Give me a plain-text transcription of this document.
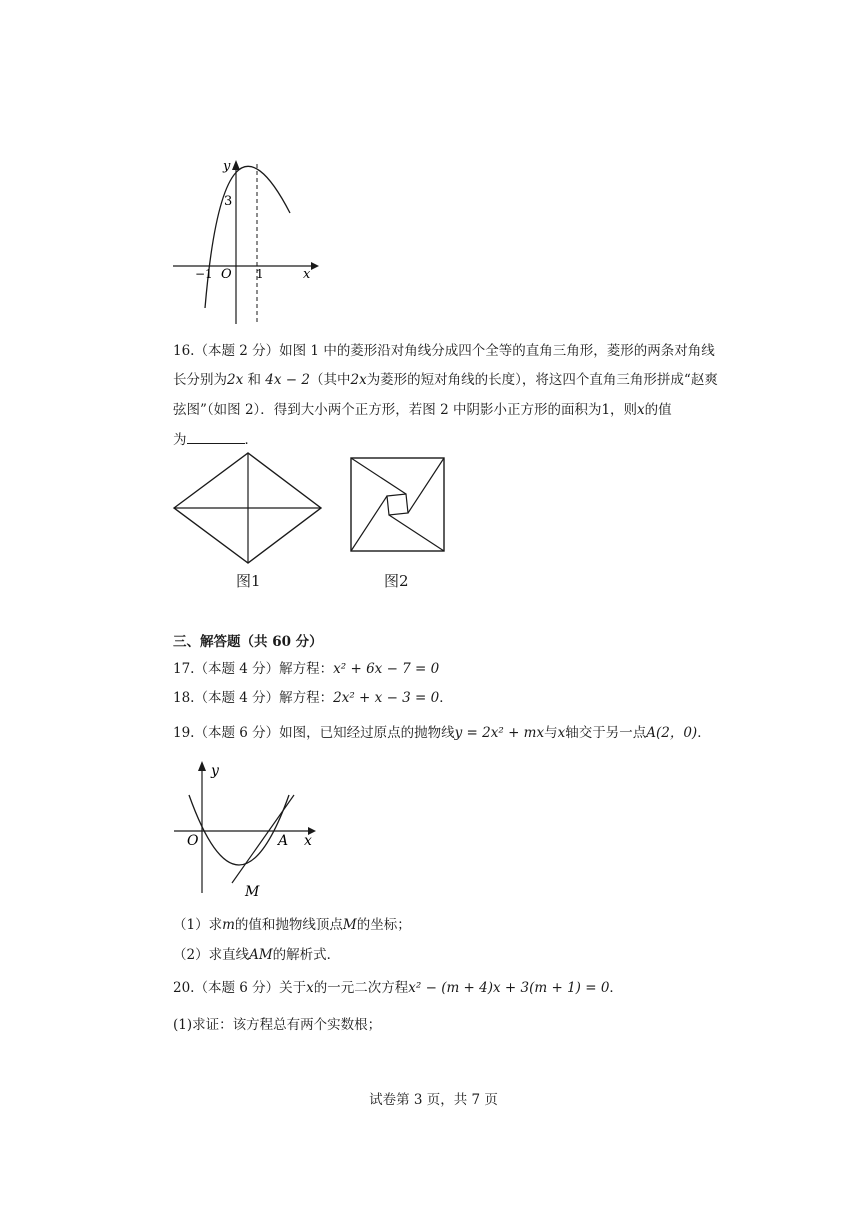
y
x
3
−1 O 1
16.（本题 2 分）如图 1 中的菱形沿对角线分成四个全等的直角三角形，菱形的两条对角线
长分别为2x 和 4x − 2（其中2x为菱形的短对角线的长度），将这四个直角三角形拼成“赵爽
弦图”（如图 2）．得到大小两个正方形，若图 2 中阴影小正方形的面积为1，则x的值
为	．
图1	图2
三、解答题（共 60 分）
17.（本题 4 分）解方程：x² + 6x − 7 = 0
18.（本题 4 分）解方程：2x² + x − 3 = 0．
19.（本题 6 分）如图，已知经过原点的抛物线y = 2x² + mx与x轴交于另一点A(2，0)．
y
x
O	A
M
（1）求m的值和抛物线顶点M的坐标；
（2）求直线AM的解析式．
20.（本题 6 分）关于x的一元二次方程x² − (m + 4)x + 3(m + 1) = 0．
(1)求证：该方程总有两个实数根；
试卷第 3 页，共 7 页
